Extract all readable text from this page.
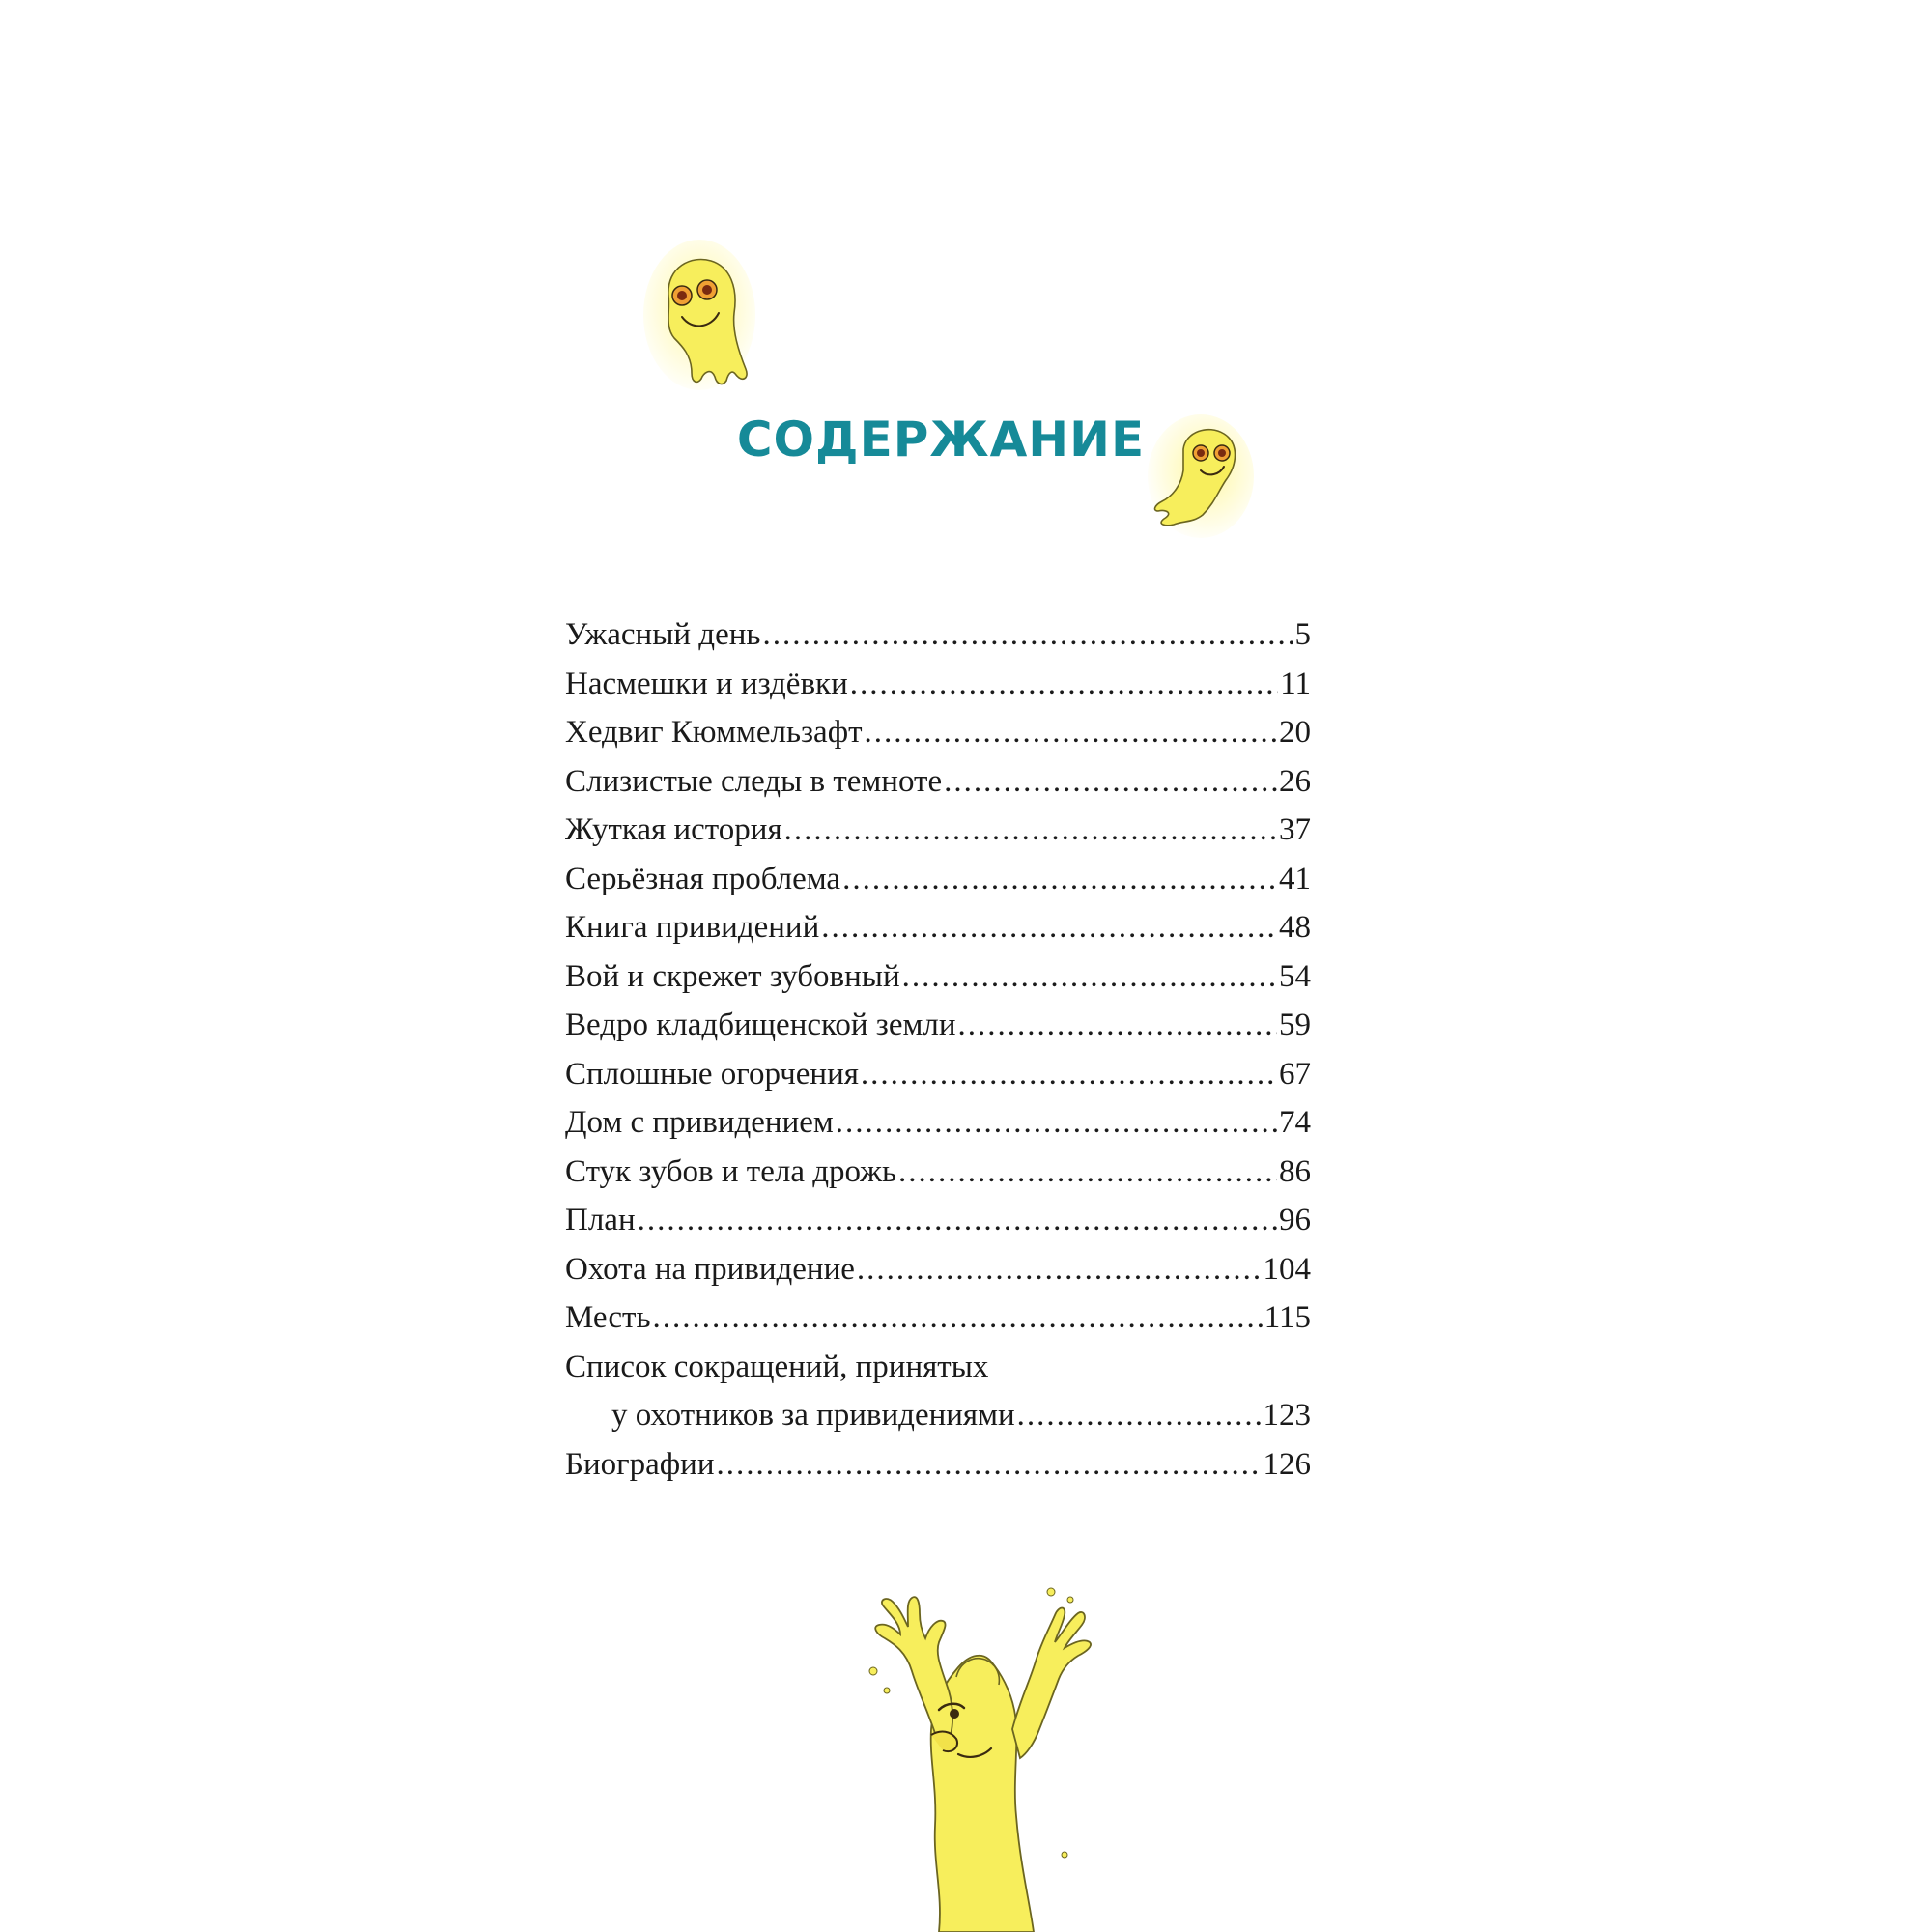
СОДЕРЖАНИЕ
Ужасный день .....	5
Насмешки и издёвки .....	11
Хедвиг Кюммельзафт .....	20
Слизистые следы в темноте .....	26
Жуткая история .....	37
Серьёзная проблема .....	41
Книга привидений .....	48
Вой и скрежет зубовный .....	54
Ведро кладбищенской земли .....	59
Сплошные огорчения .....	67
Дом с привидением .....	74
Стук зубов и тела дрожь .....	86
План .....	96
Охота на привидение .....	104
Месть .....	115
Список сокращений, принятых
у охотников за привидениями .....	123
Биографии .....	126
